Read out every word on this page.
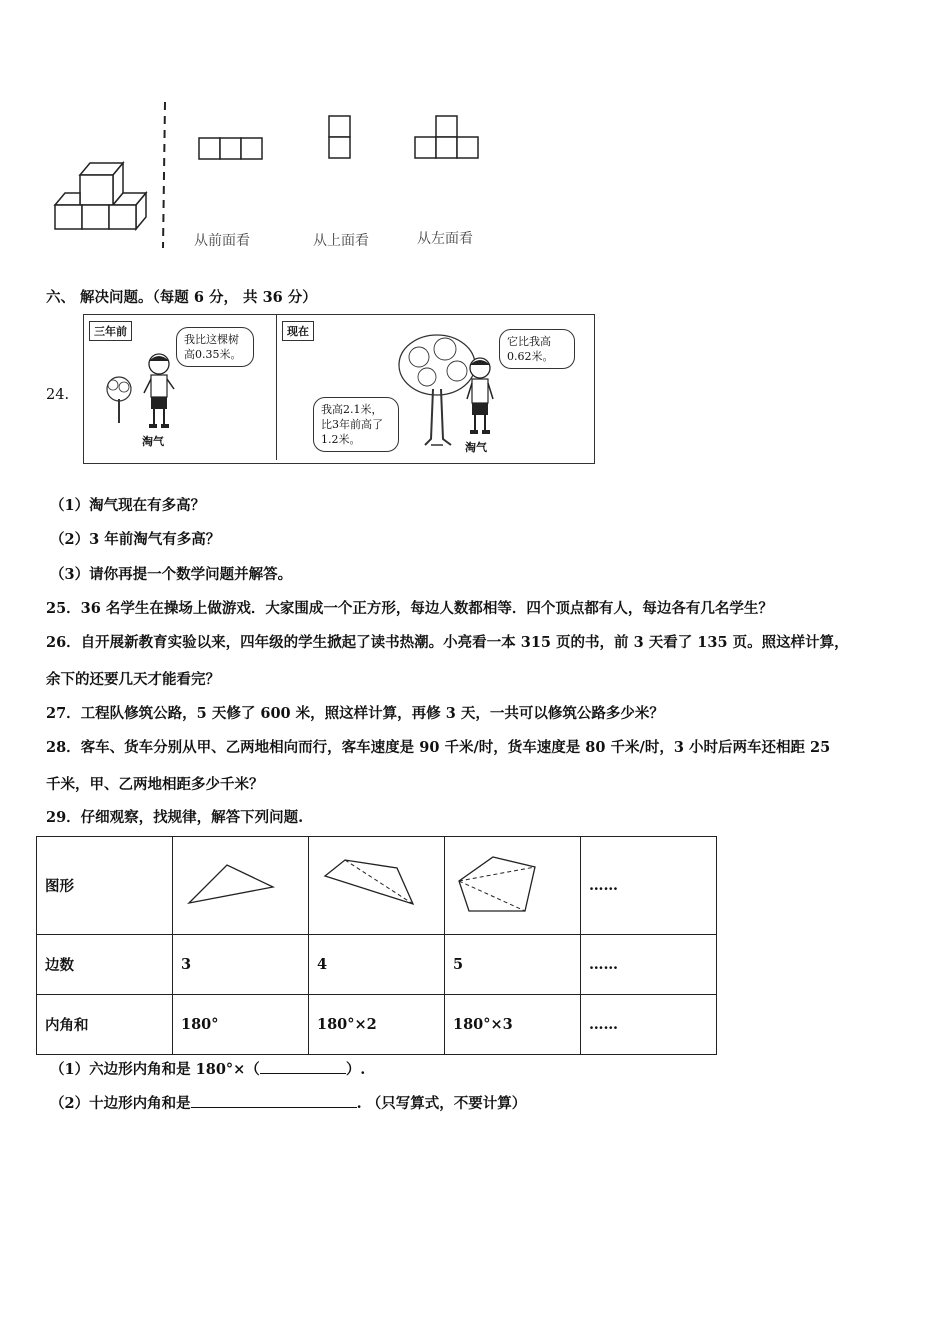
从前面看	从上面看	从左面看
六、 解决问题。（每题 6 分， 共 36 分）
24.
三年前
我比这棵树高0.35米。
淘气
现在
它比我高0.62米。
我高2.1米，比3年前高了1.2米。
淘气
（1）淘气现在有多高？
（2）3 年前淘气有多高？
（3）请你再提一个数学问题并解答。
25．36 名学生在操场上做游戏．大家围成一个正方形，每边人数都相等．四个顶点都有人，每边各有几名学生？
26．自开展新教育实验以来，四年级的学生掀起了读书热潮。小亮看一本 315 页的书，前 3 天看了 135 页。照这样计算，
余下的还要几天才能看完？
27．工程队修筑公路，5 天修了 600 米，照这样计算，再修 3 天，一共可以修筑公路多少米？
28．客车、货车分别从甲、乙两地相向而行，客车速度是 90 千米/时，货车速度是 80 千米/时，3 小时后两车还相距 25
千米，甲、乙两地相距多少千米？
29．仔细观察，找规律，解答下列问题.
图形				……
边数	3	4	5	……
内角和	180°	180°×2	180°×3	……
（1）六边形内角和是 180°×（	）.
（2）十边形内角和是	. （只写算式，不要计算）
